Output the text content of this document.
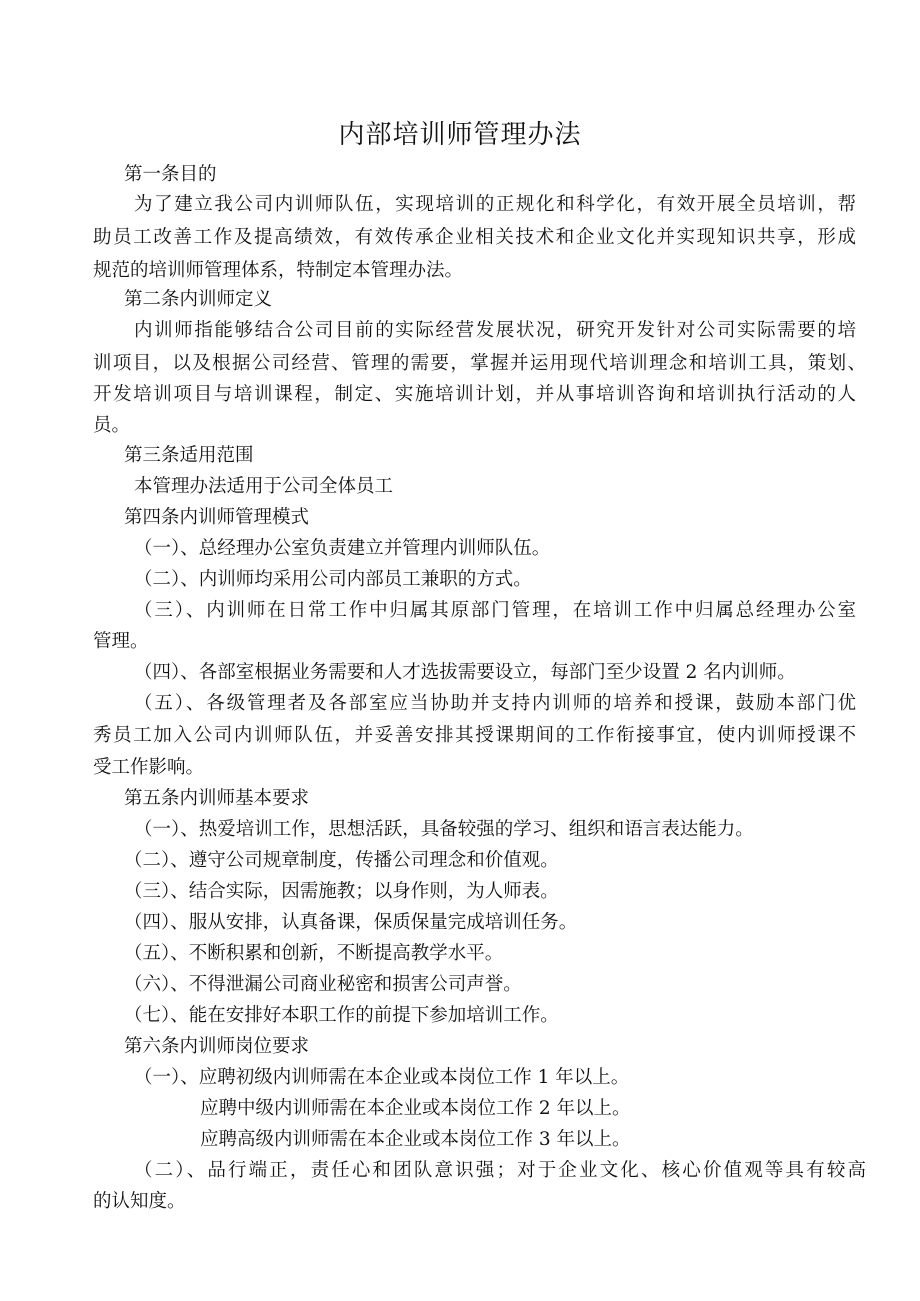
内部培训师管理办法
第一条目的
为了建立我公司内训师队伍，实现培训的正规化和科学化，有效开展全员培训，帮
助员工改善工作及提高绩效，有效传承企业相关技术和企业文化并实现知识共享，形成
规范的培训师管理体系，特制定本管理办法。
第二条内训师定义
内训师指能够结合公司目前的实际经营发展状况，研究开发针对公司实际需要的培
训项目，以及根据公司经营、管理的需要，掌握并运用现代培训理念和培训工具，策划、
开发培训项目与培训课程，制定、实施培训计划，并从事培训咨询和培训执行活动的人
员。
第三条适用范围
本管理办法适用于公司全体员工
第四条内训师管理模式
（一）、总经理办公室负责建立并管理内训师队伍。
（二）、内训师均采用公司内部员工兼职的方式。
（三）、内训师在日常工作中归属其原部门管理，在培训工作中归属总经理办公室
管理。
（四）、各部室根据业务需要和人才选拔需要设立，每部门至少设置 2 名内训师。
（五）、各级管理者及各部室应当协助并支持内训师的培养和授课，鼓励本部门优
秀员工加入公司内训师队伍，并妥善安排其授课期间的工作衔接事宜，使内训师授课不
受工作影响。
第五条内训师基本要求
（一）、热爱培训工作，思想活跃，具备较强的学习、组织和语言表达能力。
（二）、遵守公司规章制度，传播公司理念和价值观。
（三）、结合实际，因需施教；以身作则，为人师表。
（四）、服从安排，认真备课，保质保量完成培训任务。
（五）、不断积累和创新，不断提高教学水平。
（六）、不得泄漏公司商业秘密和损害公司声誉。
（七）、能在安排好本职工作的前提下参加培训工作。
第六条内训师岗位要求
（一）、应聘初级内训师需在本企业或本岗位工作 1 年以上。
应聘中级内训师需在本企业或本岗位工作 2 年以上。
应聘高级内训师需在本企业或本岗位工作 3 年以上。
（二）、品行端正，责任心和团队意识强；对于企业文化、核心价值观等具有较高
的认知度。
